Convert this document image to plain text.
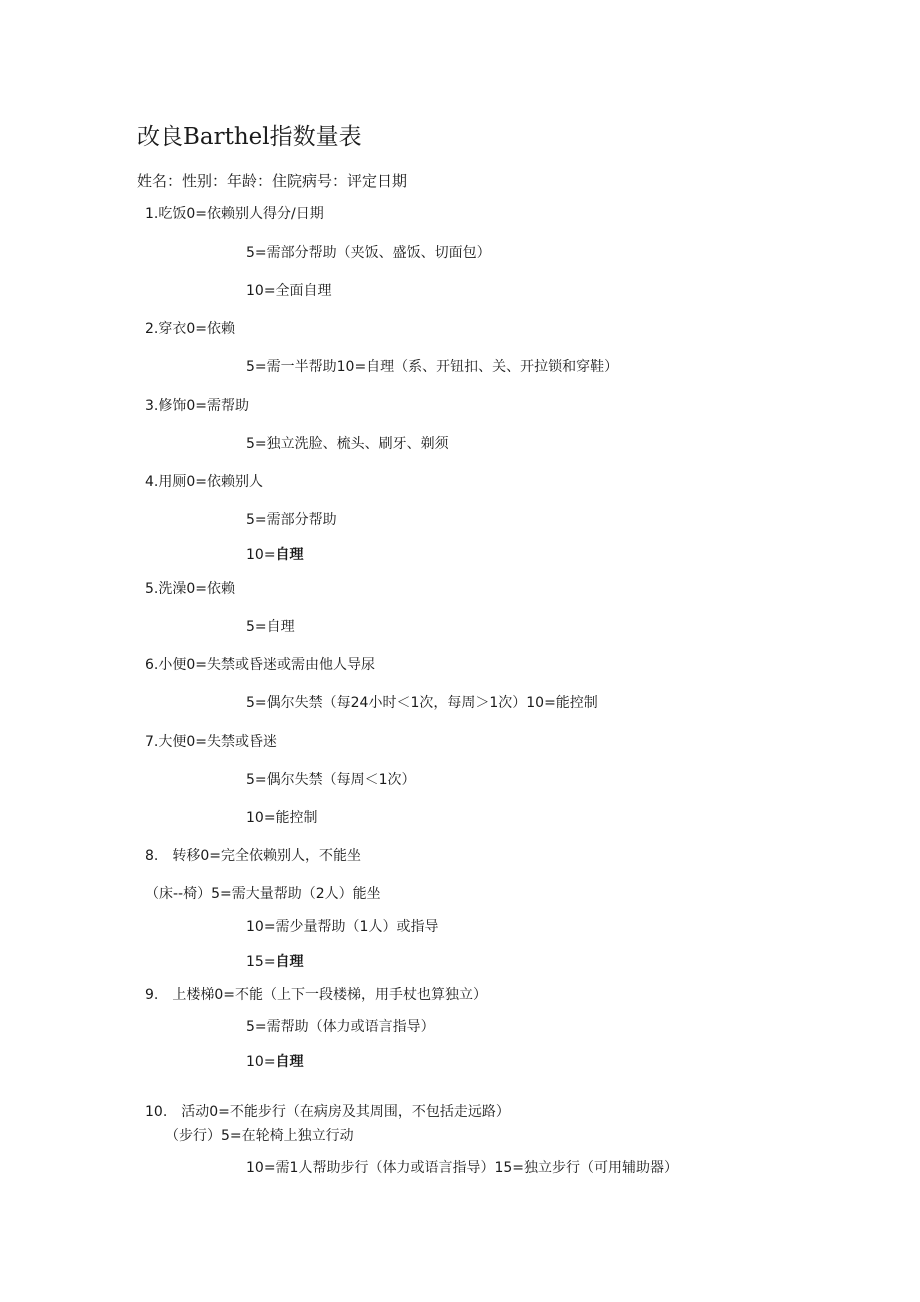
改良Barthel指数量表
姓名：性别：年龄：住院病号：评定日期
1.吃饭0=依赖别人得分/日期
5=需部分帮助（夹饭、盛饭、切面包）
10=全面自理
2.穿衣0=依赖
5=需一半帮助10=自理（系、开钮扣、关、开拉锁和穿鞋）
3.修饰0=需帮助
5=独立洗脸、梳头、刷牙、剃须
4.用厕0=依赖别人
5=需部分帮助
10=自理
5.洗澡0=依赖
5=自理
6.小便0=失禁或昏迷或需由他人导尿
5=偶尔失禁（每24小时＜1次，每周＞1次）10=能控制
7.大便0=失禁或昏迷
5=偶尔失禁（每周＜1次）
10=能控制
8.　转移0=完全依赖别人，不能坐
（床--椅）5=需大量帮助（2人）能坐
10=需少量帮助（1人）或指导
15=自理
9.　上楼梯0=不能（上下一段楼梯，用手杖也算独立）
5=需帮助（体力或语言指导）
10=自理
10.　活动0=不能步行（在病房及其周围，不包括走远路）
（步行）5=在轮椅上独立行动
10=需1人帮助步行（体力或语言指导）15=独立步行（可用辅助器）
